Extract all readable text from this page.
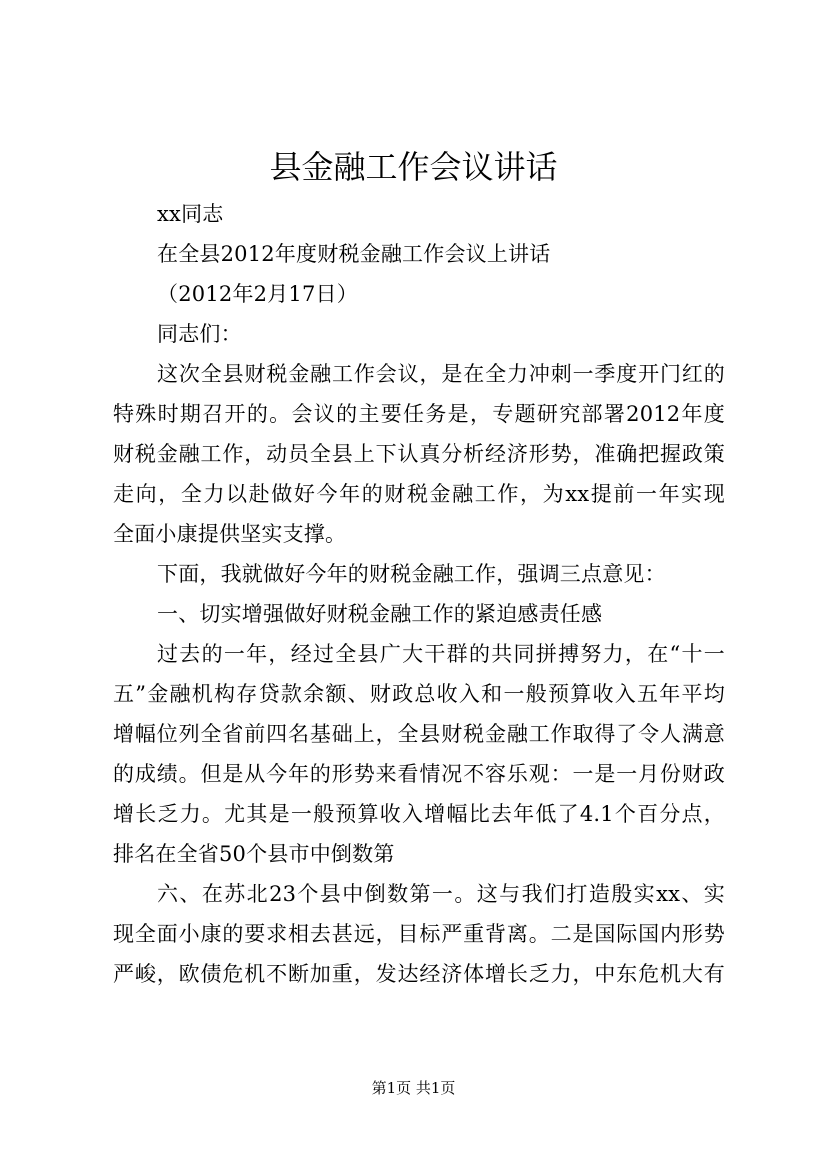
县金融工作会议讲话
xx同志
在全县2012年度财税金融工作会议上讲话
（2012年2月17日）
同志们：
这次全县财税金融工作会议，是在全力冲刺一季度开门红的
特殊时期召开的。会议的主要任务是，专题研究部署2012年度
财税金融工作，动员全县上下认真分析经济形势，准确把握政策
走向，全力以赴做好今年的财税金融工作，为xx提前一年实现
全面小康提供坚实支撑。
下面，我就做好今年的财税金融工作，强调三点意见：
一、切实增强做好财税金融工作的紧迫感责任感
过去的一年，经过全县广大干群的共同拼搏努力，在“十一
五”金融机构存贷款余额、财政总收入和一般预算收入五年平均
增幅位列全省前四名基础上，全县财税金融工作取得了令人满意
的成绩。但是从今年的形势来看情况不容乐观：一是一月份财政
增长乏力。尤其是一般预算收入增幅比去年低了4.1个百分点，
排名在全省50个县市中倒数第
六、在苏北23个县中倒数第一。这与我们打造殷实xx、实
现全面小康的要求相去甚远，目标严重背离。二是国际国内形势
严峻，欧债危机不断加重，发达经济体增长乏力，中东危机大有
第1页 共1页
